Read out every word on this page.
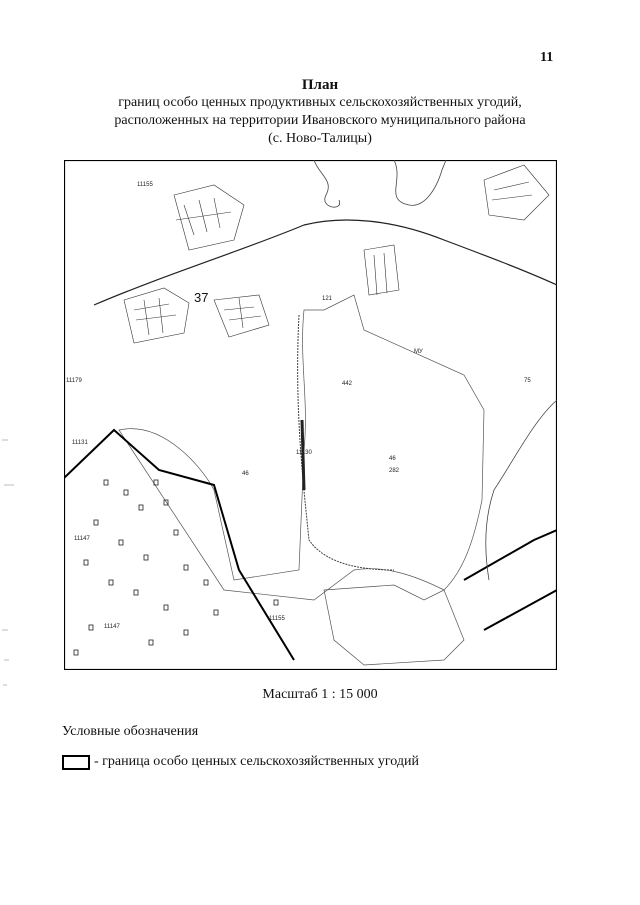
11
План
границ особо ценных продуктивных сельскохозяйственных угодий,
расположенных на территории Ивановского муниципального района
(с. Ново-Талицы)
37
11155
11179
11131
11147
11147
11130
11155
46
46
282
МУ
121
75
442
Масштаб 1 : 15 000
Условные обозначения
- граница особо ценных сельскохозяйственных угодий
